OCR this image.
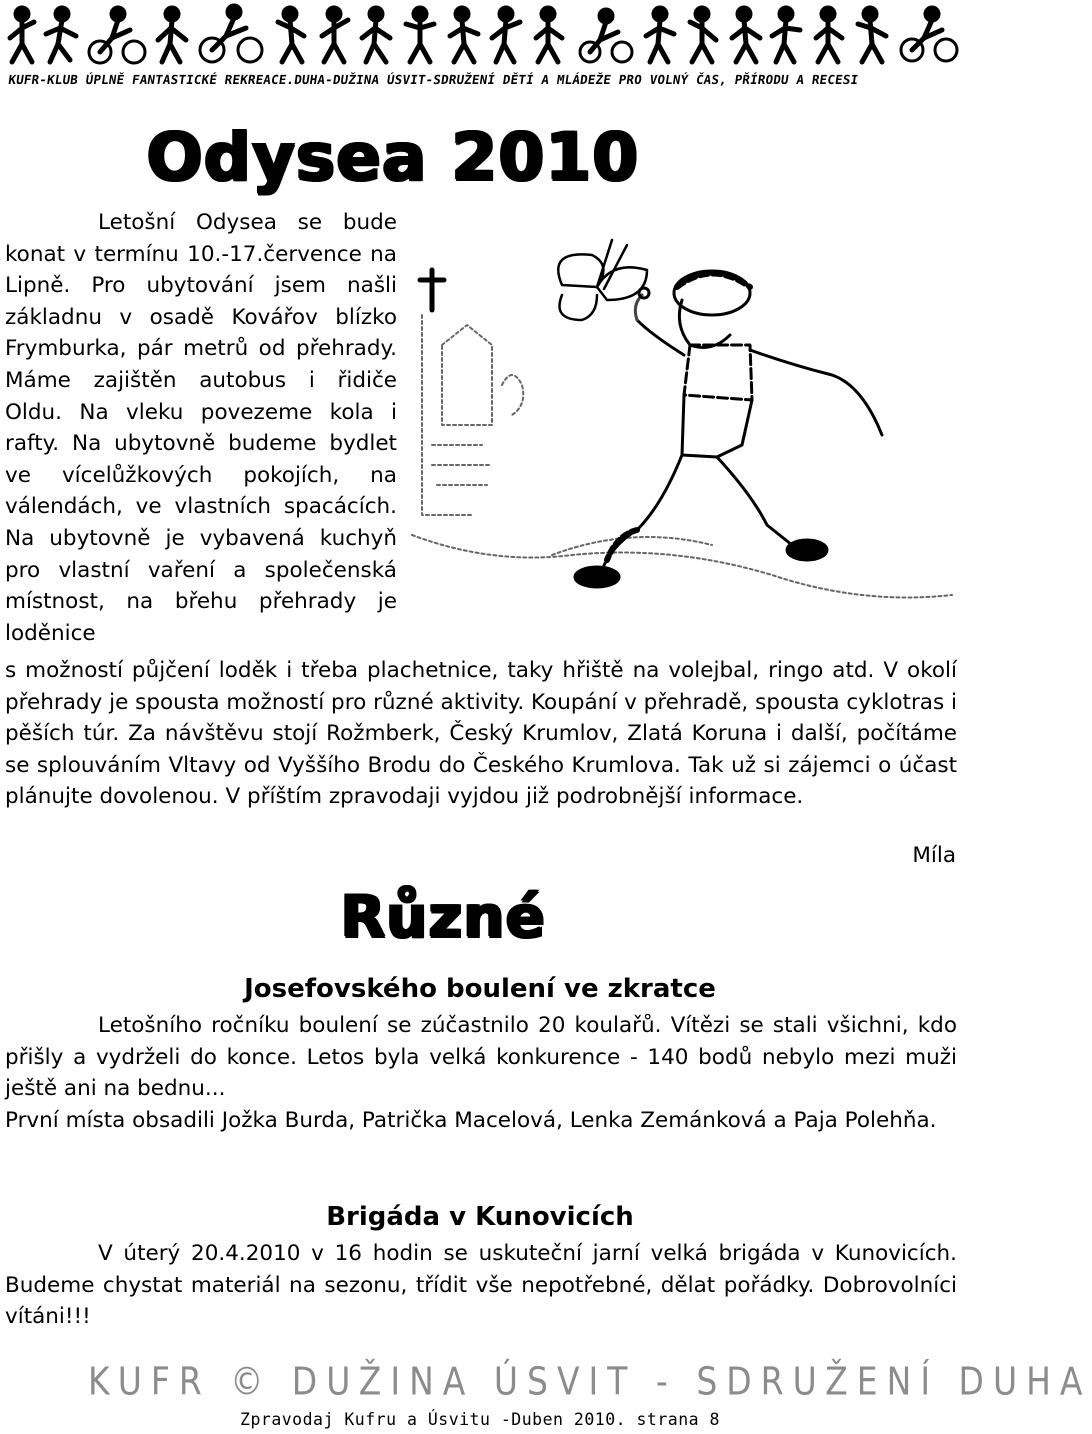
KUFR-KLUB ÚPLNĚ FANTASTICKÉ REKREACE.DUHA-DUŽINA ÚSVIT-SDRUŽENÍ DĚTÍ A MLÁDEŽE PRO VOLNÝ ČAS, PŘÍRODU A RECESI
Odysea 2010

Letošní Odysea se bude konat v termínu 10.-17.července na Lipně. Pro ubytování jsem našli základnu v osadě Kovářov blízko Frymburka, pár metrů od přehrady. Máme zajištěn autobus i řidiče Oldu. Na vleku povezeme kola i rafty. Na ubytovně budeme bydlet ve vícelůžkových pokojích, na válendách, ve vlastních spacácích. Na ubytovně je vybavená kuchyň pro vlastní vaření a společenská místnost, na břehu přehrady je loděnice

s možností půjčení loděk i třeba plachetnice, taky hřiště na volejbal, ringo atd. V okolí přehrady je spousta možností pro různé aktivity. Koupání v přehradě, spousta cyklotras i pěších túr. Za návštěvu stojí Rožmberk, Český Krumlov, Zlatá Koruna i další, počítáme se splouváním Vltavy od Vyššího Brodu do Českého Krumlova. Tak už si zájemci o účast plánujte dovolenou. V příštím zpravodaji vyjdou již podrobnější informace.

Míla
Různé
Josefovského boulení ve zkratce

Letošního ročníku boulení se zúčastnilo 20 koulařů. Vítězi se stali všichni, kdo přišly a vydrželi do konce. Letos byla velká konkurence - 140 bodů nebylo mezi muži ještě ani na bednu...

První místa obsadili Jožka Burda, Patrička Macelová, Lenka Zemánková a Paja Polehňa.

Brigáda v Kunovicích

V úterý 20.4.2010 v 16 hodin se uskuteční jarní velká brigáda v Kunovicích. Budeme chystat materiál na sezonu, třídit vše nepotřebné, dělat pořádky. Dobrovolníci vítáni!!!

KUFR © DUŽINA ÚSVIT - SDRUŽENÍ DUHA
Zpravodaj Kufru a Úsvitu -Duben 2010. strana 8
